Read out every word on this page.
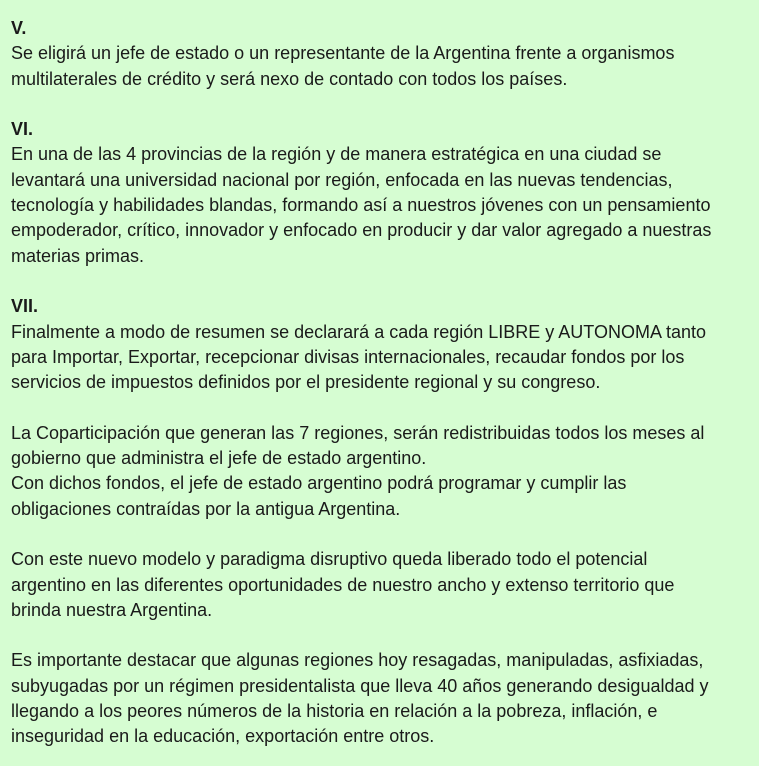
V.
Se eligirá un jefe de estado o un representante de la Argentina frente a organismos
multilaterales de crédito y será nexo de contado con todos los países.
VI.
En una de las 4 provincias de la región y de manera estratégica en una ciudad se
levantará una universidad nacional por región, enfocada en las nuevas tendencias,
tecnología y habilidades blandas, formando así a nuestros jóvenes con un pensamiento
empoderador, crítico, innovador y enfocado en producir y dar valor agregado a nuestras
materias primas.
VII.
Finalmente a modo de resumen se declarará a cada región LIBRE y AUTONOMA tanto
para Importar, Exportar, recepcionar divisas internacionales, recaudar fondos por los
servicios de impuestos definidos por el presidente regional y su congreso.
La Coparticipación que generan las 7 regiones, serán redistribuidas todos los meses al
gobierno que administra el jefe de estado argentino.
Con dichos fondos, el jefe de estado argentino podrá programar y cumplir las
obligaciones contraídas por la antigua Argentina.
Con este nuevo modelo y paradigma disruptivo queda liberado todo el potencial
argentino en las diferentes oportunidades de nuestro ancho y extenso territorio que
brinda nuestra Argentina.
Es importante destacar que algunas regiones hoy resagadas, manipuladas, asfixiadas,
subyugadas por un régimen presidentalista que lleva 40 años generando desigualdad y
llegando a los peores números de la historia en relación a la pobreza, inflación, e
inseguridad en la educación, exportación entre otros.
